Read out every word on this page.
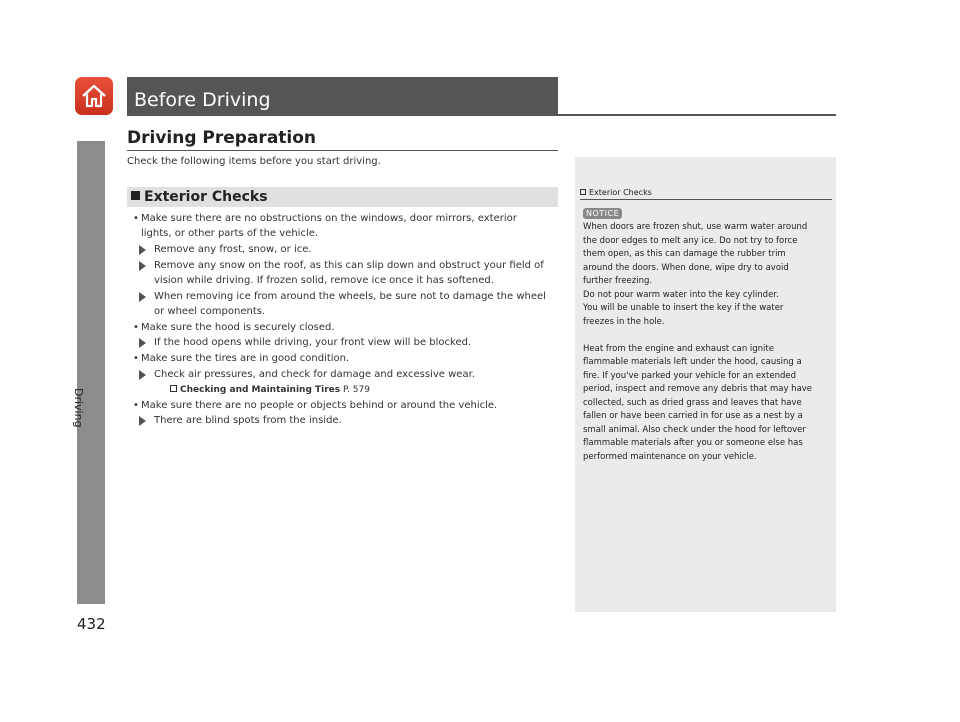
Driving
432
Before Driving
Driving Preparation
Check the following items before you start driving.
Exterior Checks
• Make sure there are no obstructions on the windows, door mirrors, exterior
lights, or other parts of the vehicle.
Remove any frost, snow, or ice.
Remove any snow on the roof, as this can slip down and obstruct your field of
vision while driving. If frozen solid, remove ice once it has softened.
When removing ice from around the wheels, be sure not to damage the wheel
or wheel components.
• Make sure the hood is securely closed.
If the hood opens while driving, your front view will be blocked.
• Make sure the tires are in good condition.
Check air pressures, and check for damage and excessive wear.
Checking and Maintaining Tires P. 579
• Make sure there are no people or objects behind or around the vehicle.
There are blind spots from the inside.
Exterior Checks
NOTICE
When doors are frozen shut, use warm water around
the door edges to melt any ice. Do not try to force
them open, as this can damage the rubber trim
around the doors. When done, wipe dry to avoid
further freezing.
Do not pour warm water into the key cylinder.
You will be unable to insert the key if the water
freezes in the hole.
Heat from the engine and exhaust can ignite
flammable materials left under the hood, causing a
fire. If you've parked your vehicle for an extended
period, inspect and remove any debris that may have
collected, such as dried grass and leaves that have
fallen or have been carried in for use as a nest by a
small animal. Also check under the hood for leftover
flammable materials after you or someone else has
performed maintenance on your vehicle.
